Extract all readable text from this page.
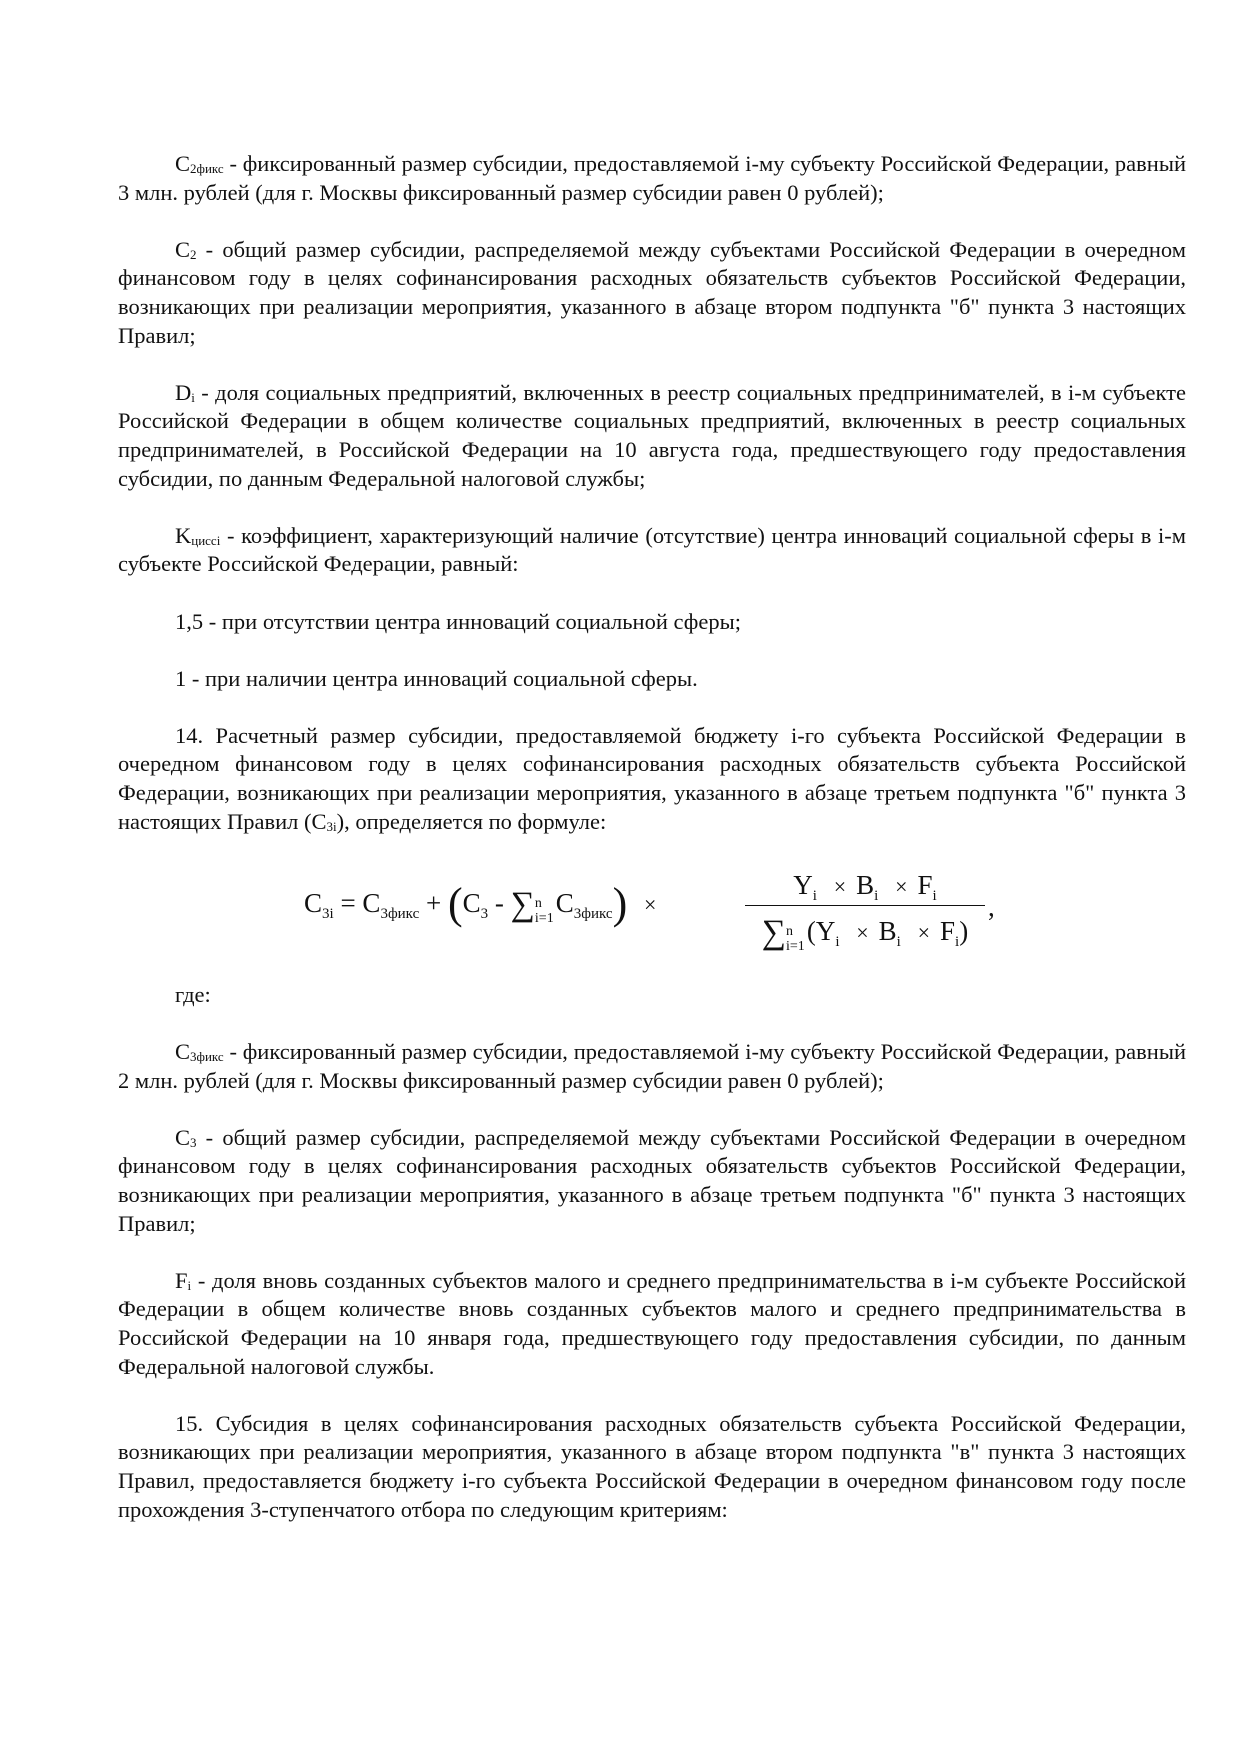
$C_{2фикс}$ - фиксированный размер субсидии, предоставляемой i-му субъекту Российской Федерации, равный 3 млн. рублей (для г. Москвы фиксированный размер субсидии равен 0 рублей);

$C_2$ - общий размер субсидии, распределяемой между субъектами Российской Федерации в очередном финансовом году в целях софинансирования расходных обязательств субъектов Российской Федерации, возникающих при реализации мероприятия, указанного в абзаце втором подпункта "б" пункта 3 настоящих Правил;

$D_i$ - доля социальных предприятий, включенных в реестр социальных предпринимателей, в i-м субъекте Российской Федерации в общем количестве социальных предприятий, включенных в реестр социальных предпринимателей, в Российской Федерации на 10 августа года, предшествующего году предоставления субсидии, по данным Федеральной налоговой службы;

$K_{циссi}$ - коэффициент, характеризующий наличие (отсутствие) центра инноваций социальной сферы в i-м субъекте Российской Федерации, равный:

1,5 - при отсутствии центра инноваций социальной сферы;

1 - при наличии центра инноваций социальной сферы.

14. Расчетный размер субсидии, предоставляемой бюджету i-го субъекта Российской Федерации в очередном финансовом году в целях софинансирования расходных обязательств субъекта Российской Федерации, возникающих при реализации мероприятия, указанного в абзаце третьем подпункта "б" пункта 3 настоящих Правил $(C_{3i})$, определяется по формуле:

$C_{3i} = C_{3фикс} + (C_3$ - ∑ n
i=1
$C_{3фикс}$) ×	$Y_i \times B_i \times F_i$
∑ n
i=1
$(Y_i \times B_i \times F_i)$ ,

где:

$C_{3фикс}$ - фиксированный размер субсидии, предоставляемой i-му субъекту Российской Федерации, равный 2 млн. рублей (для г. Москвы фиксированный размер субсидии равен 0 рублей);

$C_3$ - общий размер субсидии, распределяемой между субъектами Российской Федерации в очередном финансовом году в целях софинансирования расходных обязательств субъектов Российской Федерации, возникающих при реализации мероприятия, указанного в абзаце третьем подпункта "б" пункта 3 настоящих Правил;

$F_i$ - доля вновь созданных субъектов малого и среднего предпринимательства в i-м субъекте Российской Федерации в общем количестве вновь созданных субъектов малого и среднего предпринимательства в Российской Федерации на 10 января года, предшествующего году предоставления субсидии, по данным Федеральной налоговой службы.

15. Субсидия в целях софинансирования расходных обязательств субъекта Российской Федерации, возникающих при реализации мероприятия, указанного в абзаце втором подпункта "в" пункта 3 настоящих Правил, предоставляется бюджету i-го субъекта Российской Федерации в очередном финансовом году после прохождения 3-ступенчатого отбора по следующим критериям:
